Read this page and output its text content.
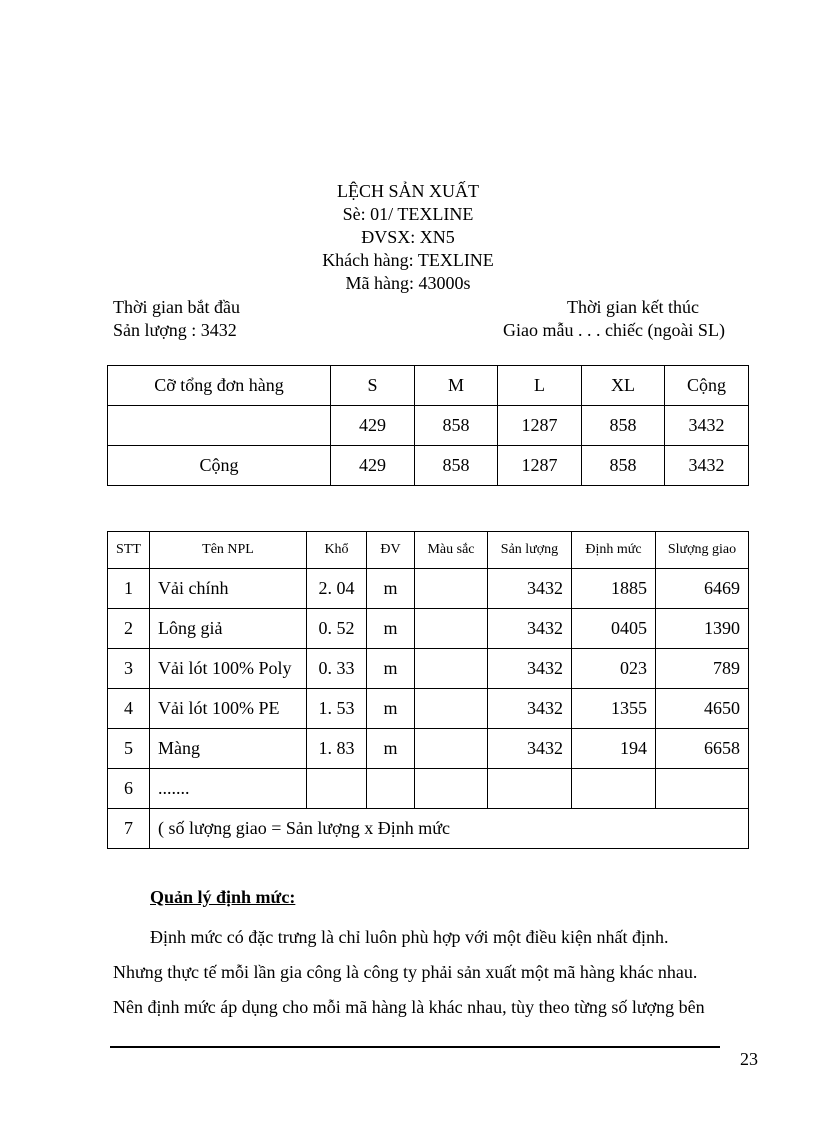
LỆCH SẢN XUẤT
Sè: 01/ TEXLINE
ĐVSX: XN5
Khách hàng: TEXLINE
Mã hàng: 43000s
Thời gian bắt đầu	Thời gian kết thúc
Sản lượng : 3432	Giao mẫu . . . chiếc (ngoài SL)
Cỡ tổng đơn hàng	S	M	L	XL	Cộng
	429	858	1287	858	3432
Cộng	429	858	1287	858	3432
STT	Tên NPL	Khổ	ĐV	Màu sắc	Sản lượng	Định mức	Slượng giao
1	Vải chính	2. 04	m		3432	1885	6469
2	Lông giả	0. 52	m		3432	0405	1390
3	Vải lót 100% Poly	0. 33	m		3432	023	789
4	Vải lót 100% PE	1. 53	m		3432	1355	4650
5	Màng	1. 83	m		3432	194	6658
6	.......						
7	( số lượng giao = Sản lượng x Định mức						
Quản lý định mức:
Định mức có đặc trưng là chỉ luôn phù hợp với một điều kiện nhất định.
Nhưng thực tế mỗi lần gia công là công ty phải sản xuất một mã hàng khác nhau.
Nên định mức áp dụng cho mỗi mã hàng là khác nhau, tùy theo từng số lượng bên
23
